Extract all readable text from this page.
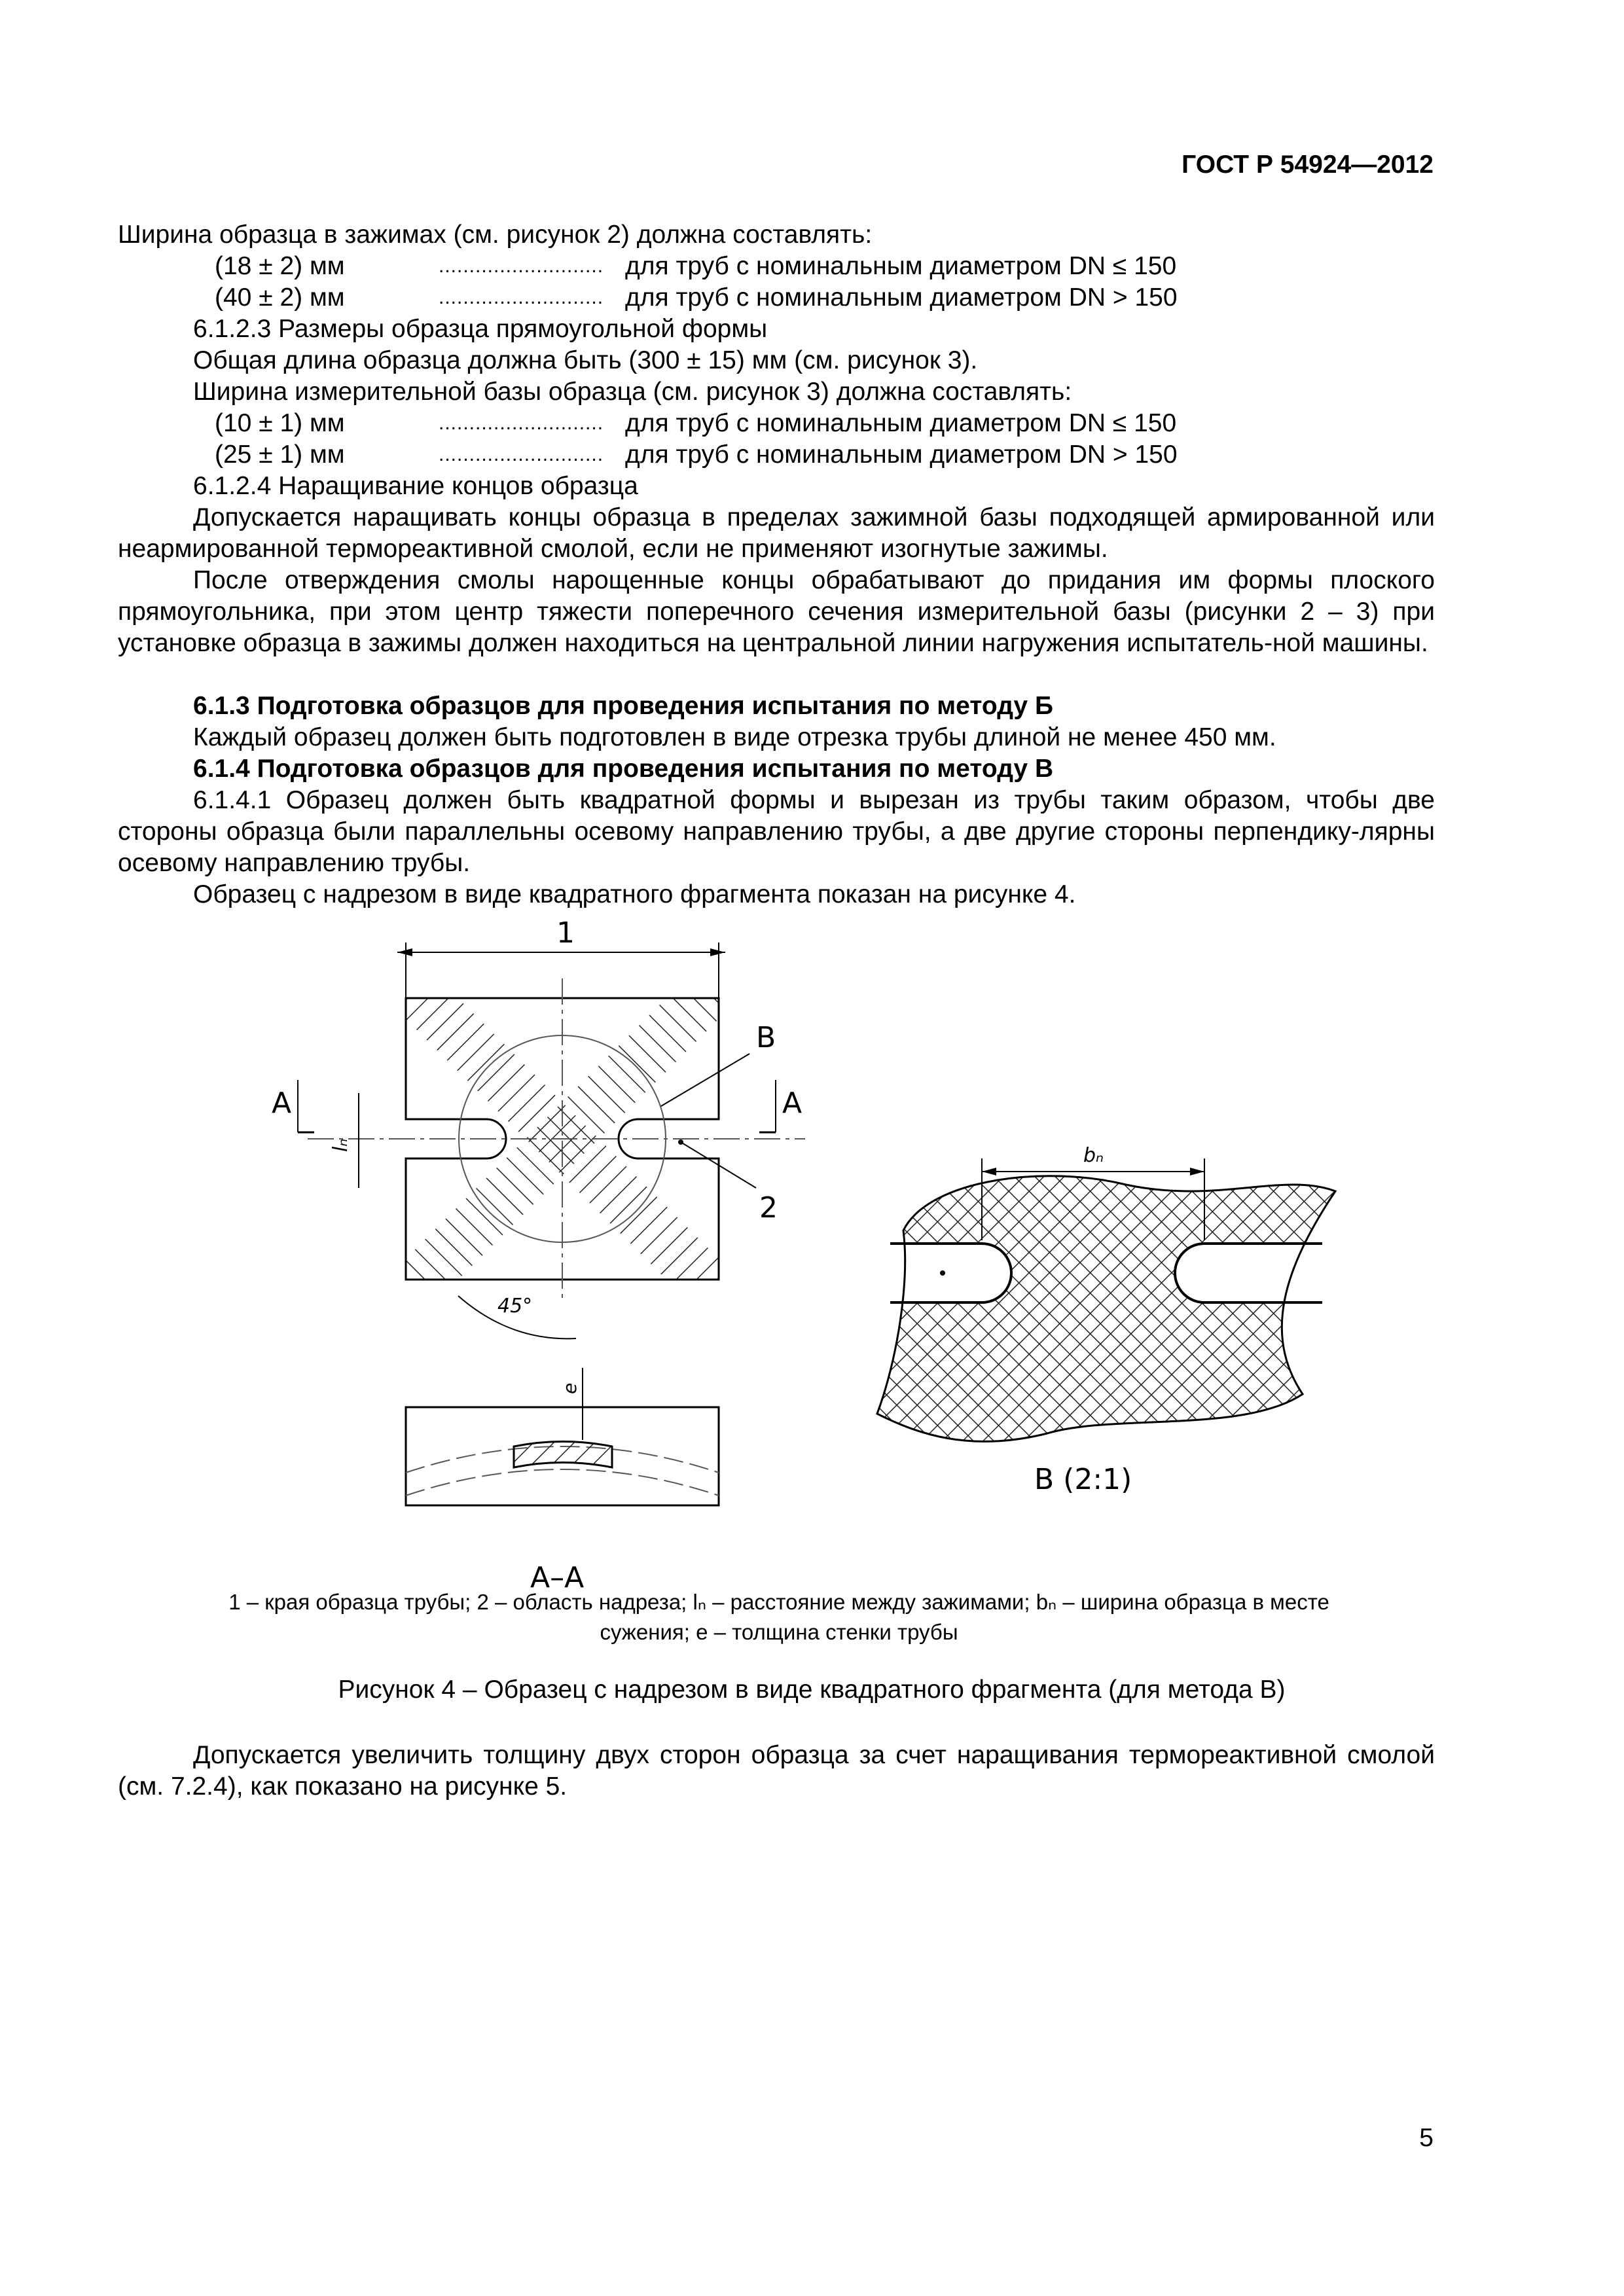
ГОСТ Р 54924—2012
Ширина образца в зажимах (см. рисунок 2) должна составлять:
(18 ± 2) мм	........................... для труб с номинальным диаметром DN ≤ 150
(40 ± 2) мм	........................... для труб с номинальным диаметром DN > 150
6.1.2.3 Размеры образца прямоугольной формы
Общая длина образца должна быть (300 ± 15) мм (см. рисунок 3).
Ширина измерительной базы образца (см. рисунок 3) должна составлять:
(10 ± 1) мм	........................... для труб с номинальным диаметром DN ≤ 150
(25 ± 1) мм	........................... для труб с номинальным диаметром DN > 150
6.1.2.4 Наращивание концов образца
Допускается наращивать концы образца в пределах зажимной базы подходящей армированной или неармированной термореактивной смолой, если не применяют изогнутые зажимы.
После отверждения смолы нарощенные концы обрабатывают до придания им формы плоского прямоугольника, при этом центр тяжести поперечного сечения измерительной базы (рисунки 2 – 3) при установке образца в зажимы должен находиться на центральной линии нагружения испытатель-ной машины.
6.1.3 Подготовка образцов для проведения испытания по методу Б
Каждый образец должен быть подготовлен в виде отрезка трубы длиной не менее 450 мм.
6.1.4 Подготовка образцов для проведения испытания по методу В
6.1.4.1 Образец должен быть квадратной формы и вырезан из трубы таким образом, чтобы две стороны образца были параллельны осевому направлению трубы, а две другие стороны перпендику-лярны осевому направлению трубы.
Образец с надрезом в виде квадратного фрагмента показан на рисунке 4.
1
A	A
lₙ
B
2
45°
e
A–A
bₙ
B (2:1)
1 – края образца трубы; 2 – область надреза; lₙ – расстояние между зажимами; bₙ – ширина образца в месте
сужения; e – толщина стенки трубы
Рисунок 4 – Образец с надрезом в виде квадратного фрагмента (для метода В)
Допускается увеличить толщину двух сторон образца за счет наращивания термореактивной смолой (см. 7.2.4), как показано на рисунке 5.
5
